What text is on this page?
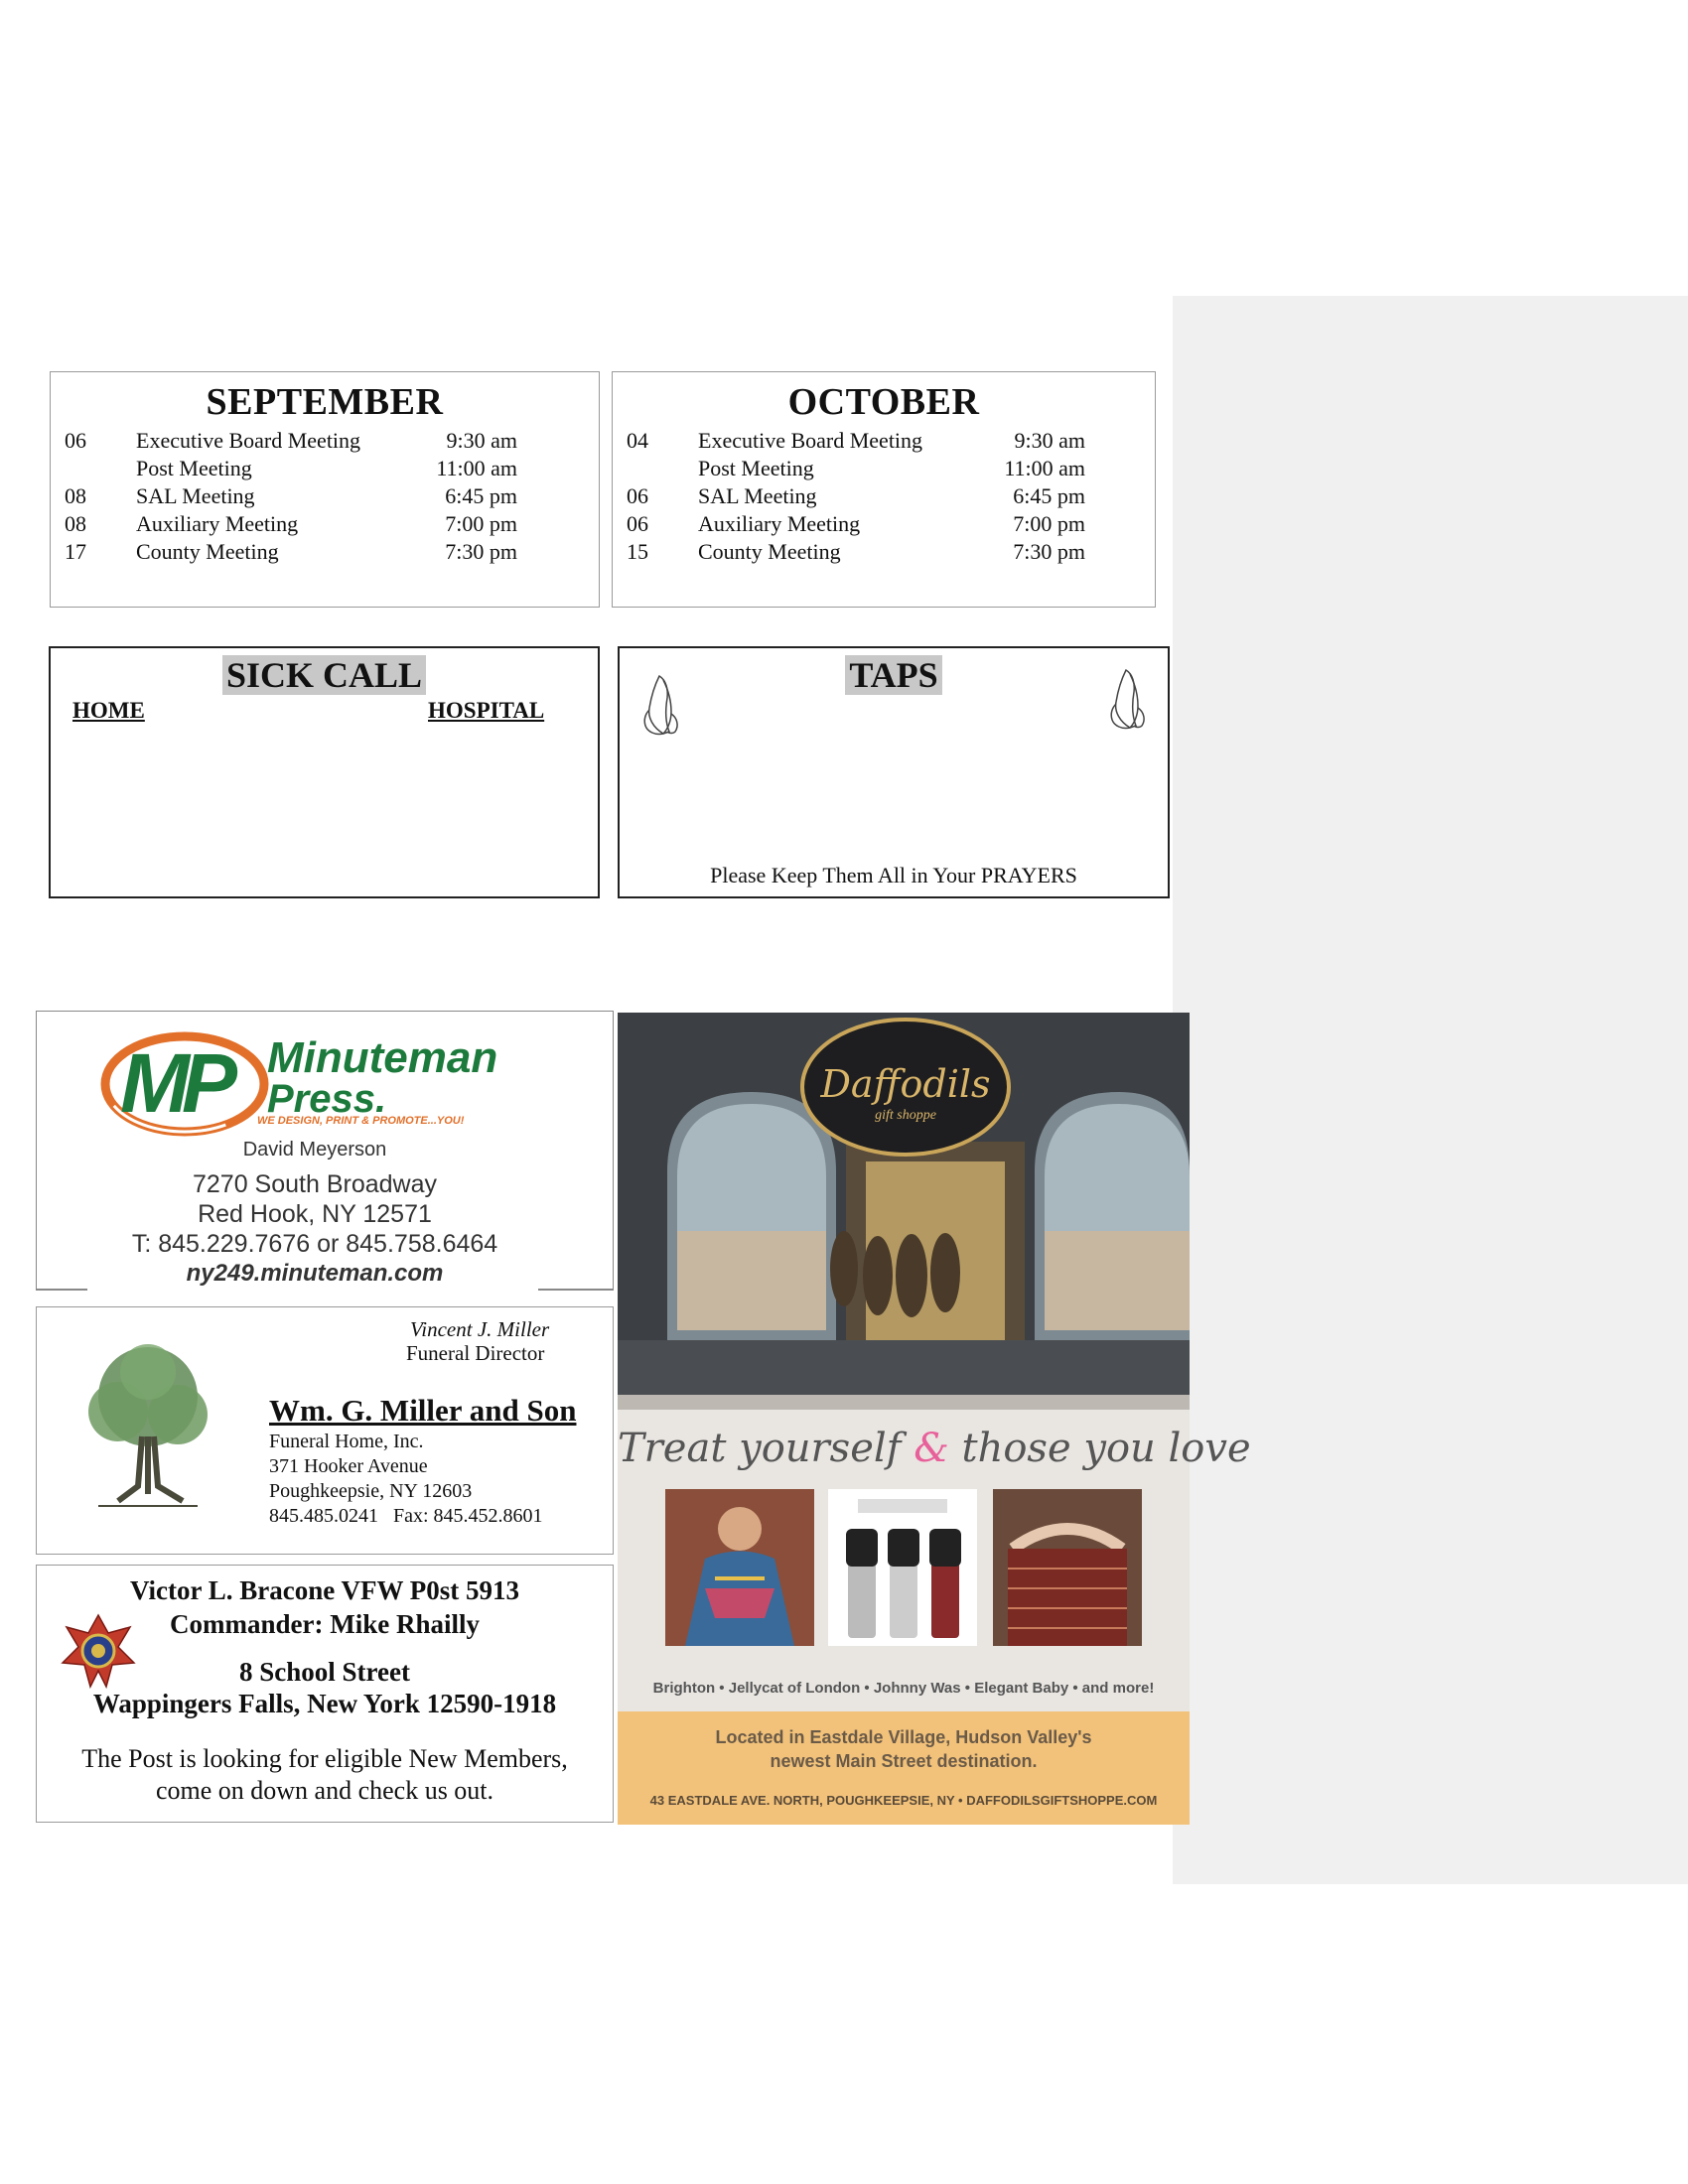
SEPTEMBER
06 Executive Board Meeting	9:30 am
Post Meeting	11:00 am
08 SAL Meeting	6:45 pm
08 Auxiliary Meeting	7:00 pm
17 County Meeting	7:30 pm
OCTOBER
04 Executive Board Meeting	9:30 am
Post Meeting	11:00 am
06 SAL Meeting	6:45 pm
06 Auxiliary Meeting	7:00 pm
15 County Meeting	7:30 pm
SICK CALL
HOME	HOSPITAL
TAPS
Please Keep Them All in Your PRAYERS
MP Minuteman
Press.
WE DESIGN, PRINT & PROMOTE...YOU!
David Meyerson
7270 South Broadway
Red Hook, NY 12571
T: 845.229.7676 or 845.758.6464
ny249.minuteman.com
Vincent J. Miller
Funeral Director
Wm. G. Miller and Son
Funeral Home, Inc.
371 Hooker Avenue
Poughkeepsie, NY 12603
845.485.0241   Fax: 845.452.8601
Victor L. Bracone VFW P0st 5913
Commander: Mike Rhailly
8 School Street
Wappingers Falls, New York 12590-1918
The Post is looking for eligible New Members,
come on down and check us out.
Daffodils
gift shoppe
Treat yourself & those you love
Brighton • Jellycat of London • Johnny Was • Elegant Baby • and more!
Located in Eastdale Village, Hudson Valley's
newest Main Street destination.
43 EASTDALE AVE. NORTH, POUGHKEEPSIE, NY • DAFFODILSGIFTSHOPPE.COM
